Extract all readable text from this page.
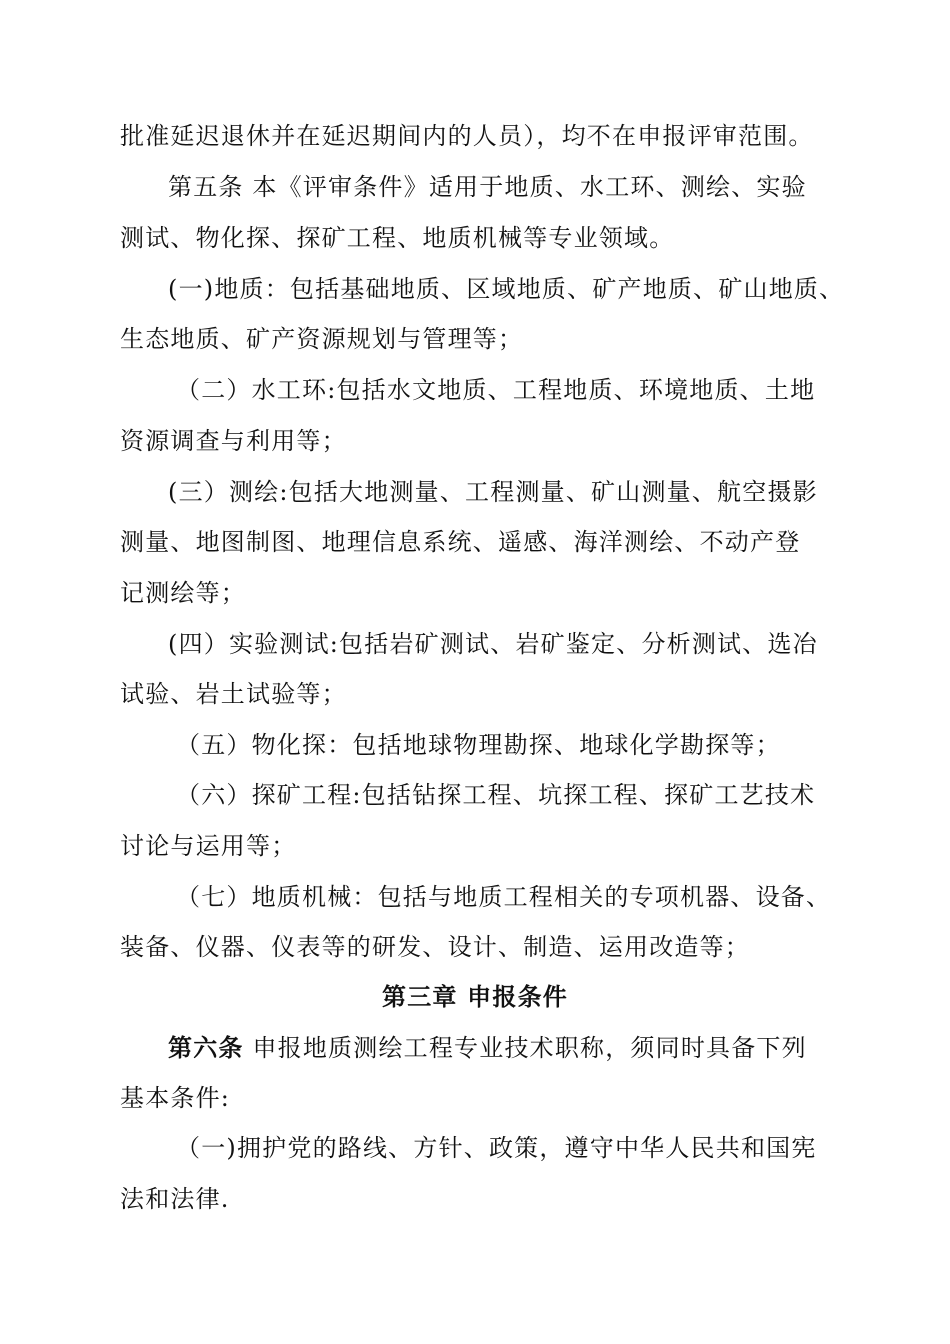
批准延迟退休并在延迟期间内的人员），均不在申报评审范围。
第五条 本《评审条件》适用于地质、水工环、测绘、实验
测试、物化探、探矿工程、地质机械等专业领域。
(一)地质：包括基础地质、区域地质、矿产地质、矿山地质、
生态地质、矿产资源规划与管理等；
（二）水工环:包括水文地质、工程地质、环境地质、土地
资源调查与利用等；
(三）测绘:包括大地测量、工程测量、矿山测量、航空摄影
测量、地图制图、地理信息系统、遥感、海洋测绘、不动产登
记测绘等；
(四）实验测试:包括岩矿测试、岩矿鉴定、分析测试、选冶
试验、岩土试验等；
（五）物化探：包括地球物理勘探、地球化学勘探等；
（六）探矿工程:包括钻探工程、坑探工程、探矿工艺技术
讨论与运用等；
（七）地质机械：包括与地质工程相关的专项机器、设备、
装备、仪器、仪表等的研发、设计、制造、运用改造等；
第三章 申报条件
第六条 申报地质测绘工程专业技术职称，须同时具备下列
基本条件:
（一)拥护党的路线、方针、政策，遵守中华人民共和国宪
法和法律.
